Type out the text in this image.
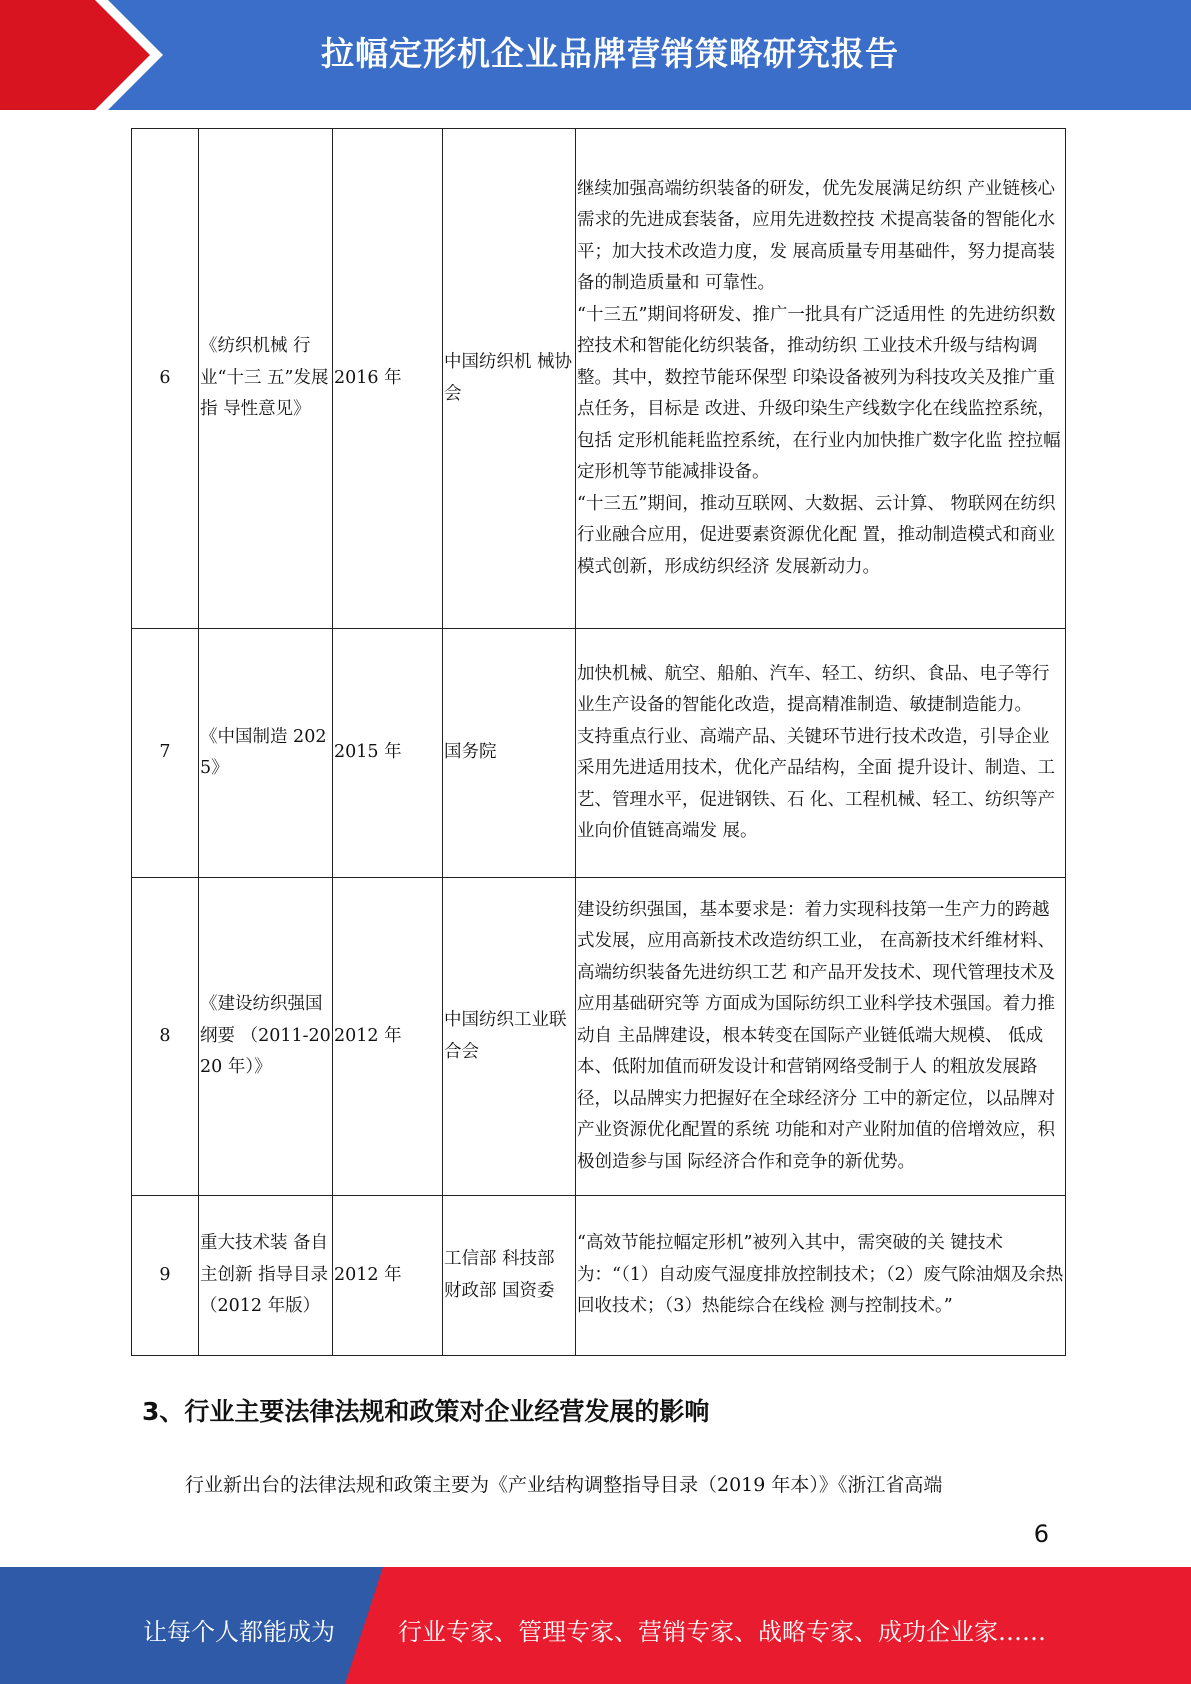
拉幅定形机企业品牌营销策略研究报告
6	《纺织机械 行业“十三 五”发展指 导性意见》	2016 年	中国纺织机 械协会	继续加强高端纺织装备的研发，优先发展满足纺织 产业链核心需求的先进成套装备，应用先进数控技 术提高装备的智能化水平；加大技术改造力度，发 展高质量专用基础件，努力提高装备的制造质量和 可靠性。
“十三五”期间将研发、推广一批具有广泛适用性 的先进纺织数控技术和智能化纺织装备，推动纺织 工业技术升级与结构调整。其中，数控节能环保型 印染设备被列为科技攻关及推广重点任务，目标是 改进、升级印染生产线数字化在线监控系统，包括 定形机能耗监控系统，在行业内加快推广数字化监 控拉幅定形机等节能减排设备。
“十三五”期间，推动互联网、大数据、云计算、 物联网在纺织行业融合应用，促进要素资源优化配 置，推动制造模式和商业模式创新，形成纺织经济 发展新动力。

7	《中国制造 2025》	2015 年	国务院	加快机械、航空、船舶、汽车、轻工、纺织、食品、电子等行业生产设备的智能化改造，提高精准制造、敏捷制造能力。
支持重点行业、高端产品、关键环节进行技术改造，引导企业采用先进适用技术，优化产品结构，全面 提升设计、制造、工艺、管理水平，促进钢铁、石 化、工程机械、轻工、纺织等产业向价值链高端发 展。

8	《建设纺织强国纲要 （2011-2020 年）》	2012 年	中国纺织工业联合会	建设纺织强国，基本要求是：着力实现科技第一生产力的跨越式发展，应用高新技术改造纺织工业， 在高新技术纤维材料、高端纺织装备先进纺织工艺 和产品开发技术、现代管理技术及应用基础研究等 方面成为国际纺织工业科学技术强国。着力推动自 主品牌建设，根本转变在国际产业链低端大规模、 低成本、低附加值而研发设计和营销网络受制于人 的粗放发展路径，以品牌实力把握好在全球经济分 工中的新定位，以品牌对产业资源优化配置的系统 功能和对产业附加值的倍增效应，积极创造参与国 际经济合作和竞争的新优势。

9	重大技术装 备自主创新 指导目录（2012 年版）	2012 年	工信部 科技部 财政部 国资委	“高效节能拉幅定形机”被列入其中，需突破的关 键技术为：“（1）自动废气湿度排放控制技术；（2）废气除油烟及余热回收技术；（3）热能综合在线检 测与控制技术。”
3、行业主要法律法规和政策对企业经营发展的影响
行业新出台的法律法规和政策主要为《产业结构调整指导目录（2019 年本）》《浙江省高端
6
让每个人都能成为	行业专家、管理专家、营销专家、战略专家、成功企业家……
